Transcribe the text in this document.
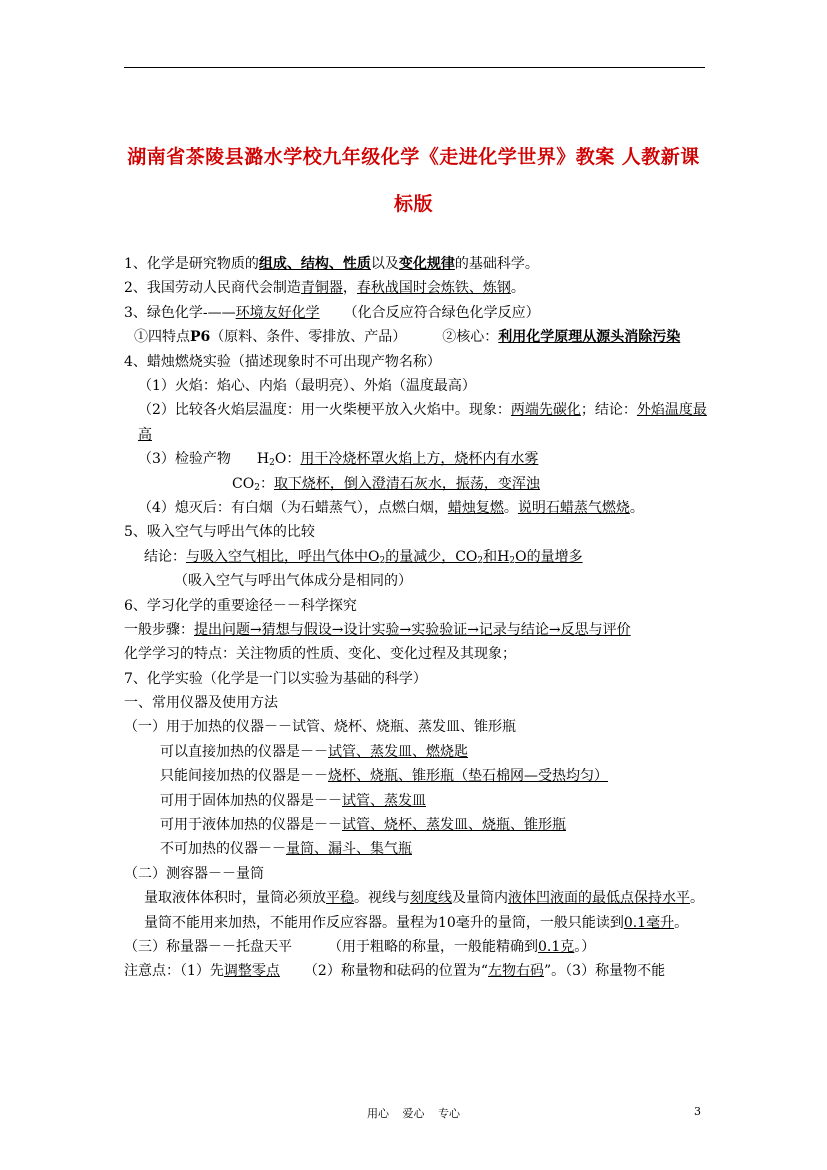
湖南省茶陵县潞水学校九年级化学《走进化学世界》教案 人教新课
标版
1、化学是研究物质的组成、结构、性质以及变化规律的基础科学。
2、我国劳动人民商代会制造青铜器，春秋战国时会炼铁、炼钢。
3、绿色化学-——环境友好化学 （化合反应符合绿色化学反应）
①四特点P6（原料、条件、零排放、产品）	②核心：利用化学原理从源头消除污染
4、蜡烛燃烧实验（描述现象时不可出现产物名称）
（1）火焰：焰心、内焰（最明亮）、外焰（温度最高）
（2）比较各火焰层温度：用一火柴梗平放入火焰中。现象：两端先碳化；结论：外焰温度最高
（3）检验产物 $H_2O$：用干冷烧杯罩火焰上方，烧杯内有水雾
$CO_2$：取下烧杯，倒入澄清石灰水，振荡，变浑浊
（4）熄灭后：有白烟（为石蜡蒸气），点燃白烟，蜡烛复燃。说明石蜡蒸气燃烧。
5、吸入空气与呼出气体的比较
结论：与吸入空气相比，呼出气体中$O_2$的量减少，$CO_2$和$H_2O$的量增多
（吸入空气与呼出气体成分是相同的）
6、学习化学的重要途径－－科学探究
一般步骤：提出问题→猜想与假设→设计实验→实验验证→记录与结论→反思与评价
化学学习的特点：关注物质的性质、变化、变化过程及其现象；
7、化学实验（化学是一门以实验为基础的科学）
一、常用仪器及使用方法
（一）用于加热的仪器－－试管、烧杯、烧瓶、蒸发皿、锥形瓶
可以直接加热的仪器是－－试管、蒸发皿、燃烧匙
只能间接加热的仪器是－－烧杯、烧瓶、锥形瓶（垫石棉网—受热均匀）
可用于固体加热的仪器是－－试管、蒸发皿
可用于液体加热的仪器是－－试管、烧杯、蒸发皿、烧瓶、锥形瓶
不可加热的仪器－－量筒、漏斗、集气瓶
（二）测容器－－量筒
量取液体体积时，量筒必须放平稳。视线与刻度线及量筒内液体凹液面的最低点保持水平。
量筒不能用来加热，不能用作反应容器。量程为10毫升的量筒，一般只能读到0.1毫升。
（三）称量器－－托盘天平	（用于粗略的称量，一般能精确到0.1克。）
注意点：（1）先调整零点 （2）称量物和砝码的位置为“左物右码”。（3）称量物不能
用心 爱心 专心	3
